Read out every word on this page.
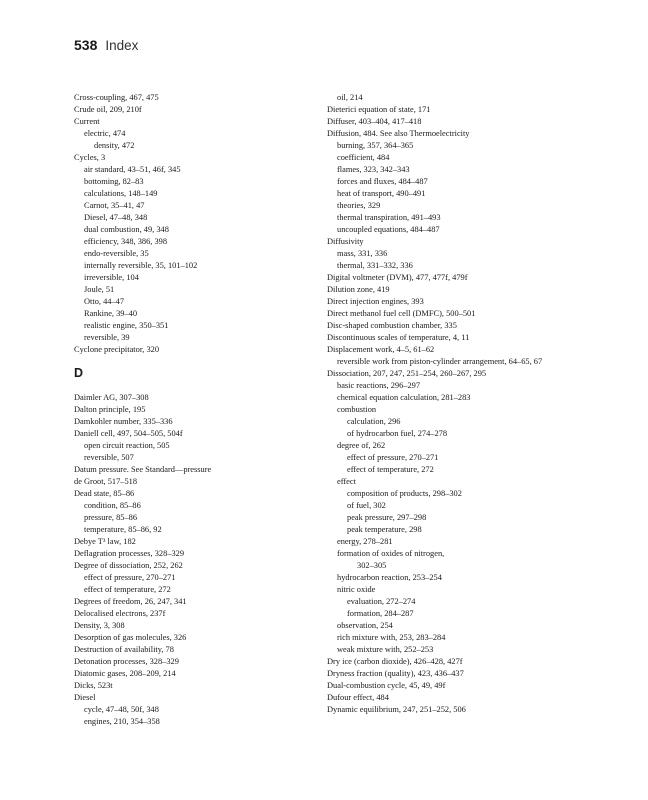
538 Index
Cross-coupling, 467, 475
Crude oil, 209, 210f
Current
electric, 474
density, 472
Cycles, 3
air standard, 43–51, 46f, 345
bottoming, 82–83
calculations, 148–149
Carnot, 35–41, 47
Diesel, 47–48, 348
dual combustion, 49, 348
efficiency, 348, 386, 398
endo-reversible, 35
internally reversible, 35, 101–102
irreversible, 104
Joule, 51
Otto, 44–47
Rankine, 39–40
realistic engine, 350–351
reversible, 39
Cyclone precipitator, 320
D
Daimler AG, 307–308
Dalton principle, 195
Damkohler number, 335–336
Daniell cell, 497, 504–505, 504f
open circuit reaction, 505
reversible, 507
Datum pressure. See Standard—pressure
de Groot, 517–518
Dead state, 85–86
condition, 85–86
pressure, 85–86
temperature, 85–86, 92
Debye T³ law, 182
Deflagration processes, 328–329
Degree of dissociation, 252, 262
effect of pressure, 270–271
effect of temperature, 272
Degrees of freedom, 26, 247, 341
Delocalised electrons, 237f
Density, 3, 308
Desorption of gas molecules, 326
Destruction of availability, 78
Detonation processes, 328–329
Diatomic gases, 208–209, 214
Dicks, 523t
Diesel
cycle, 47–48, 50f, 348
engines, 210, 354–358
oil, 214
Dieterici equation of state, 171
Diffuser, 403–404, 417–418
Diffusion, 484. See also Thermoelectricity
burning, 357, 364–365
coefficient, 484
flames, 323, 342–343
forces and fluxes, 484–487
heat of transport, 490–491
theories, 329
thermal transpiration, 491–493
uncoupled equations, 484–487
Diffusivity
mass, 331, 336
thermal, 331–332, 336
Digital voltmeter (DVM), 477, 477f, 479f
Dilution zone, 419
Direct injection engines, 393
Direct methanol fuel cell (DMFC), 500–501
Disc-shaped combustion chamber, 335
Discontinuous scales of temperature, 4, 11
Displacement work, 4–5, 61–62
reversible work from piston-cylinder arrangement, 64–65, 67
Dissociation, 207, 247, 251–254, 260–267, 295
basic reactions, 296–297
chemical equation calculation, 281–283
combustion
calculation, 296
of hydrocarbon fuel, 274–278
degree of, 262
effect of pressure, 270–271
effect of temperature, 272
effect
composition of products, 298–302
of fuel, 302
peak pressure, 297–298
peak temperature, 298
energy, 278–281
formation of oxides of nitrogen,
302–305
hydrocarbon reaction, 253–254
nitric oxide
evaluation, 272–274
formation, 284–287
observation, 254
rich mixture with, 253, 283–284
weak mixture with, 252–253
Dry ice (carbon dioxide), 426–428, 427f
Dryness fraction (quality), 423, 436–437
Dual-combustion cycle, 45, 49, 49f
Dufour effect, 484
Dynamic equilibrium, 247, 251–252, 506
